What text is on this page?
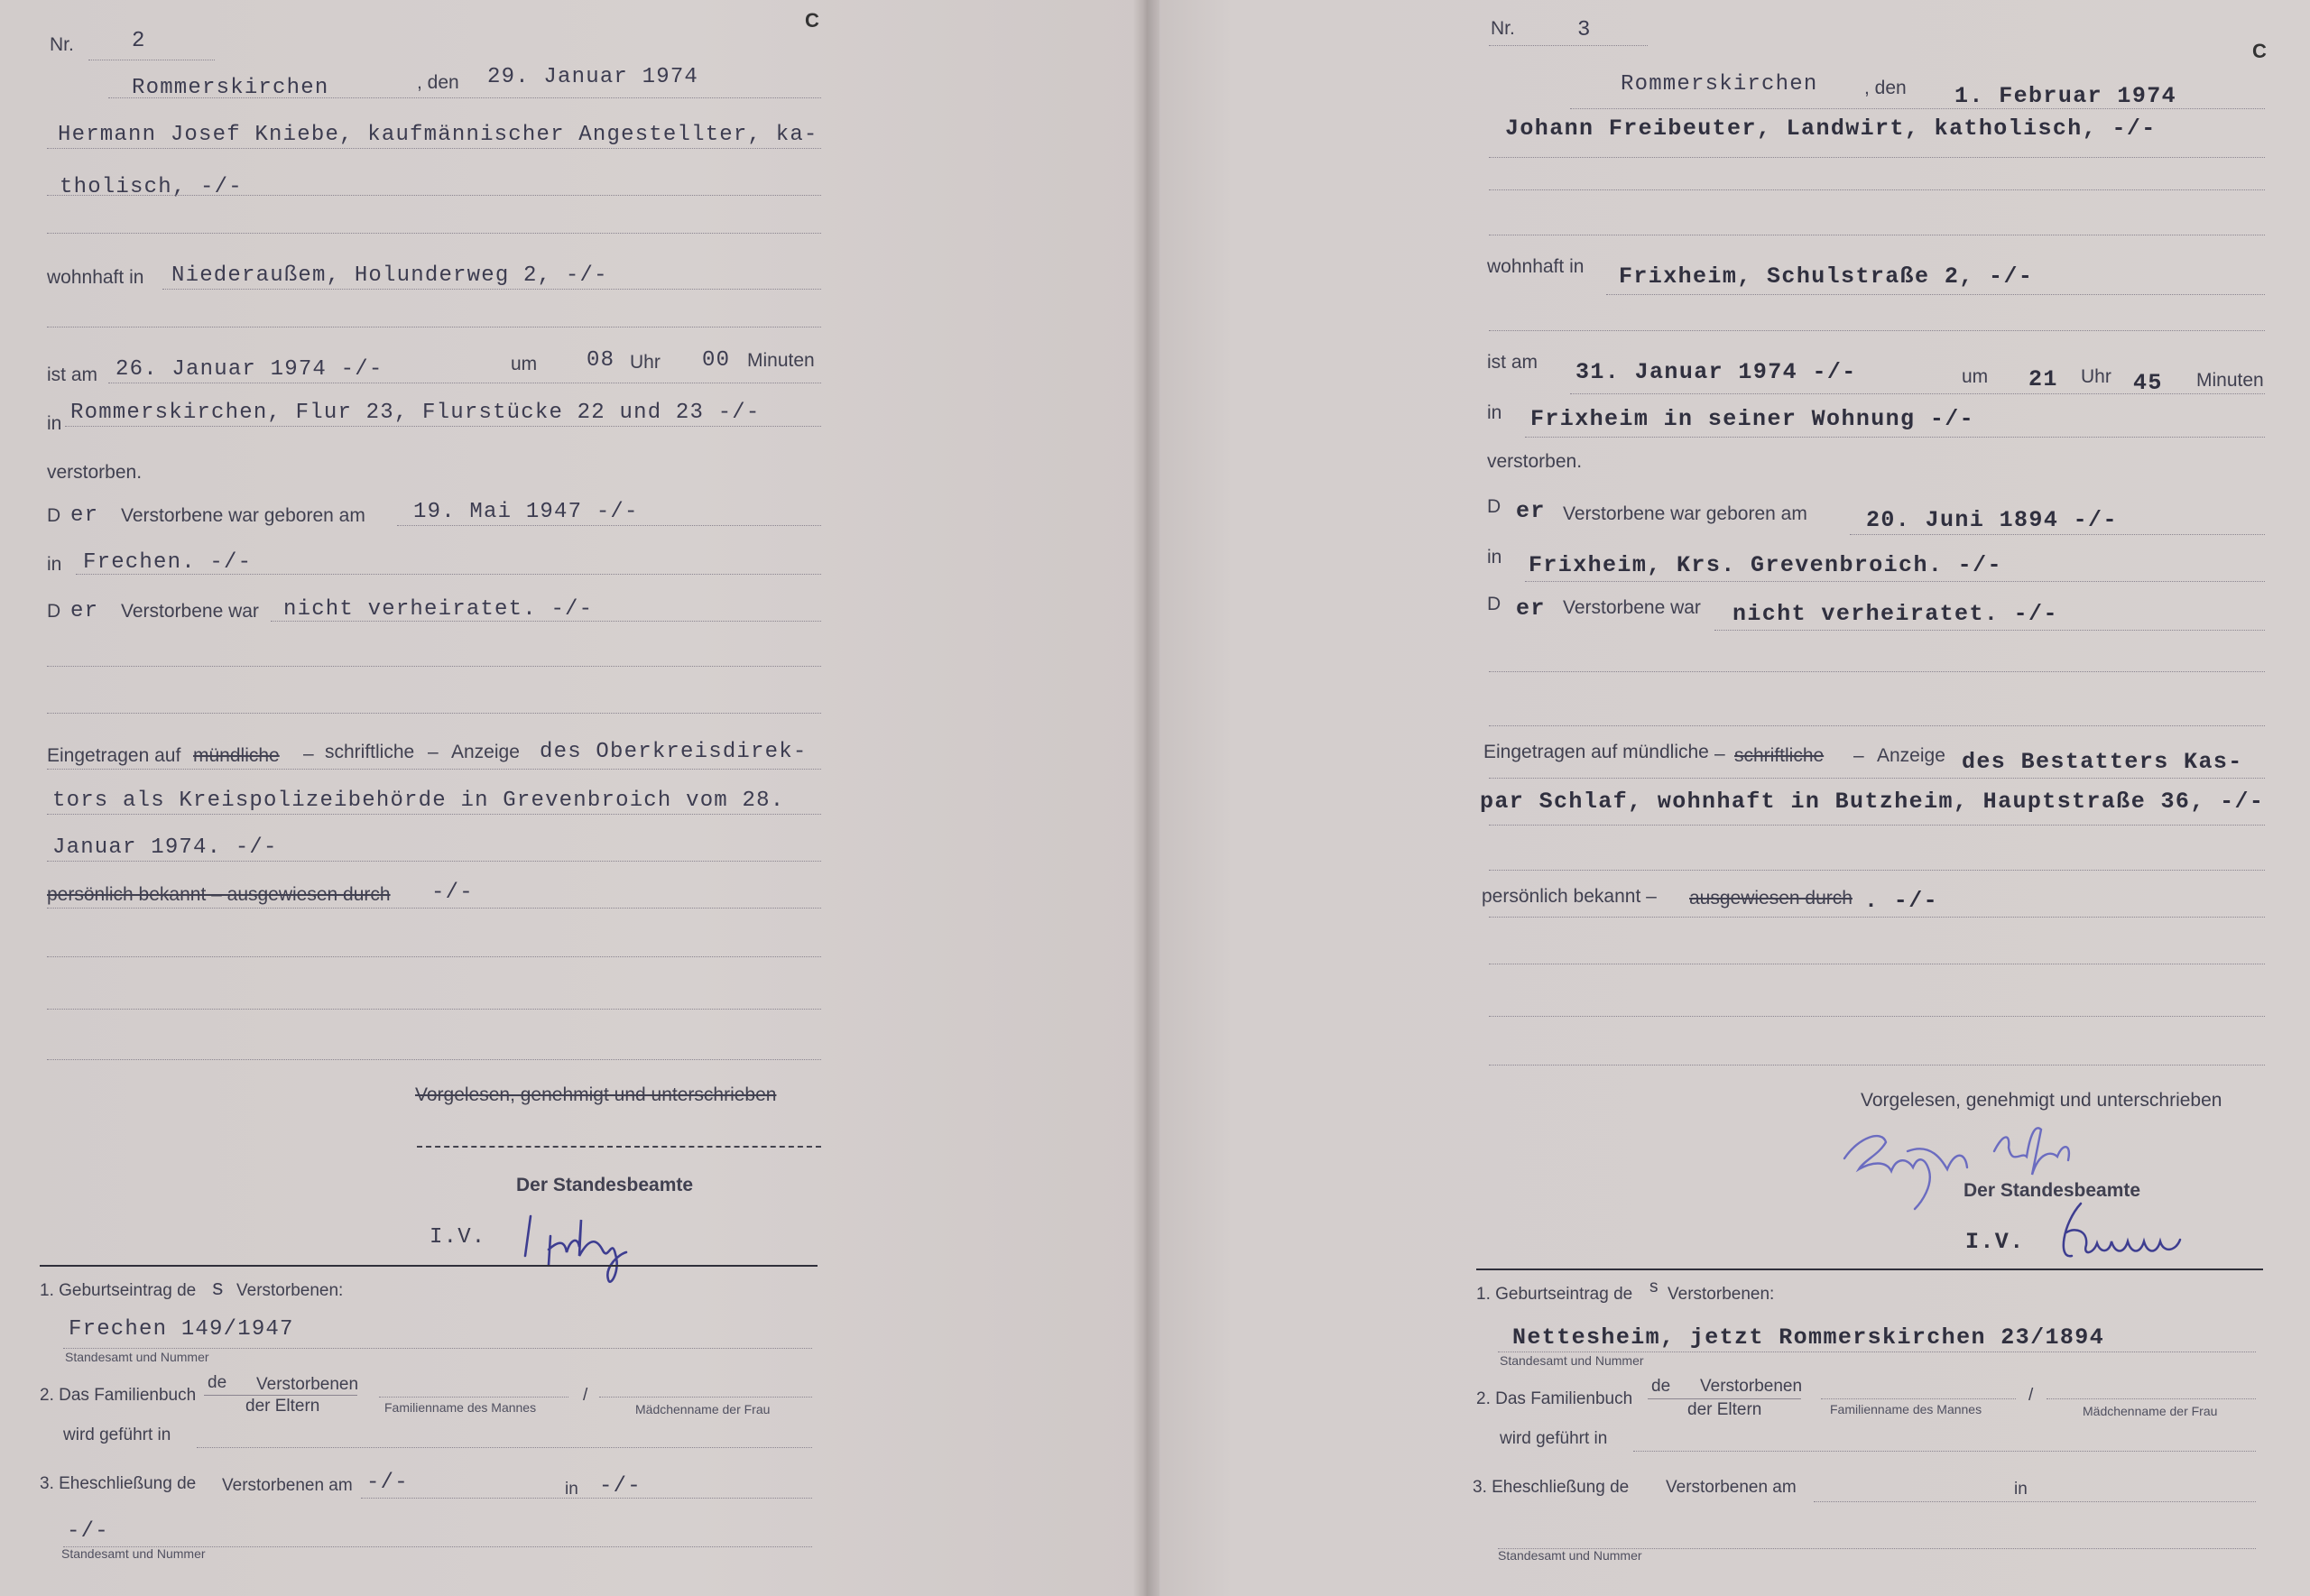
C
Nr.	2
Rommerskirchen	, den 29. Januar 1974
Hermann Josef Kniebe, kaufmännischer Angestellter, ka-
tholisch, -/-
wohnhaft in Niederaußem, Holunderweg 2, -/-
ist am 26. Januar 1974 -/-	um 08 Uhr 00 Minuten
in Rommerskirchen, Flur 23, Flurstücke 22 und 23 -/-
verstorben.
D er Verstorbene war geboren am 19. Mai 1947 -/-
in Frechen. -/-
D er Verstorbene war nicht verheiratet. -/-
Eingetragen auf mündliche – schriftliche – Anzeige des Oberkreisdirek-
tors als Kreispolizeibehörde in Grevenbroich vom 28.
Januar 1974. -/-
persönlich bekannt – ausgewiesen durch -/-
Vorgelesen, genehmigt und unterschrieben
Der Standesbeamte
I.V.
1. Geburtseintrag de s Verstorbenen:
Frechen 149/1947
Standesamt und Nummer
2. Das Familienbuch
de Verstorbenen
der Eltern	Familienname des Mannes
/
Mädchenname der Frau
wird geführt in
3. Eheschließung de Verstorbenen am -/-	in -/-
-/-
Standesamt und Nummer
C
Nr.	3
Rommerskirchen , den 1. Februar 1974
Johann Freibeuter, Landwirt, katholisch, -/-
wohnhaft in Frixheim, Schulstraße 2, -/-
ist am 31. Januar 1974 -/-	um 21 Uhr 45 Minuten
in Frixheim in seiner Wohnung -/-
verstorben.
D er Verstorbene war geboren am	20. Juni 1894 -/-
in Frixheim, Krs. Grevenbroich. -/-
D er Verstorbene war nicht verheiratet. -/-
Eingetragen auf mündliche – schriftliche – Anzeige des Bestatters Kas-
par Schlaf, wohnhaft in Butzheim, Hauptstraße 36, -/-
persönlich bekannt – ausgewiesen durch . -/-
Vorgelesen, genehmigt und unterschrieben
Der Standesbeamte
I.V.
1. Geburtseintrag de s Verstorbenen:
Nettesheim, jetzt Rommerskirchen 23/1894
Standesamt und Nummer
2. Das Familienbuch
de Verstorbenen
der Eltern	Familienname des Mannes
/
Mädchenname der Frau
wird geführt in
3. Eheschließung de Verstorbenen am	in
Standesamt und Nummer
